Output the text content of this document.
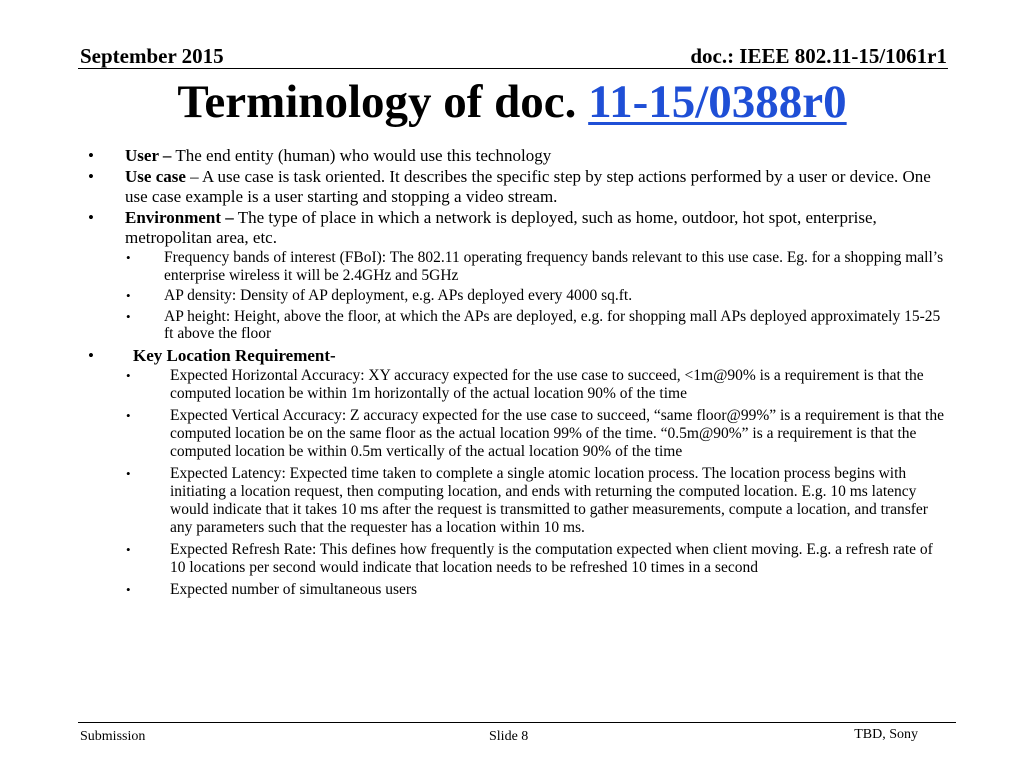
September 2015	doc.: IEEE 802.11-15/1061r1
Terminology of doc. 11-15/0388r0
• User – The end entity (human) who would use this technology
• Use case – A use case is task oriented. It describes the specific step by step actions performed by a user or device. One use case example is a user starting and stopping a video stream.
• Environment – The type of place in which a network is deployed, such as home, outdoor, hot spot, enterprise, metropolitan area, etc.
• Frequency bands of interest (FBoI): The 802.11 operating frequency bands relevant to this use case. Eg. for a shopping mall’s enterprise wireless it will be 2.4GHz and 5GHz
• AP density: Density of AP deployment, e.g. APs deployed every 4000 sq.ft.
• AP height: Height, above the floor, at which the APs are deployed, e.g. for shopping mall APs deployed approximately 15-25 ft above the floor
• Key Location Requirement-
•	Expected Horizontal Accuracy: XY accuracy expected for the use case to succeed, <1m@90% is a requirement is that the computed location be within 1m horizontally of the actual location 90% of the time
•	Expected Vertical Accuracy: Z accuracy expected for the use case to succeed, “same floor@99%” is a requirement is that the computed location be on the same floor as the actual location 99% of the time. “0.5m@90%” is a requirement is that the computed location be within 0.5m vertically of the actual location 90% of the time
•	Expected Latency: Expected time taken to complete a single atomic location process. The location process begins with initiating a location request, then computing location, and ends with returning the computed location. E.g. 10 ms latency would indicate that it takes 10 ms after the request is transmitted to gather measurements, compute a location, and transfer any parameters such that the requester has a location within 10 ms.
•	Expected Refresh Rate: This defines how frequently is the computation expected when client moving. E.g. a refresh rate of 10 locations per second would indicate that location needs to be refreshed 10 times in a second
•	Expected number of simultaneous users
Submission	Slide 8	TBD, Sony
